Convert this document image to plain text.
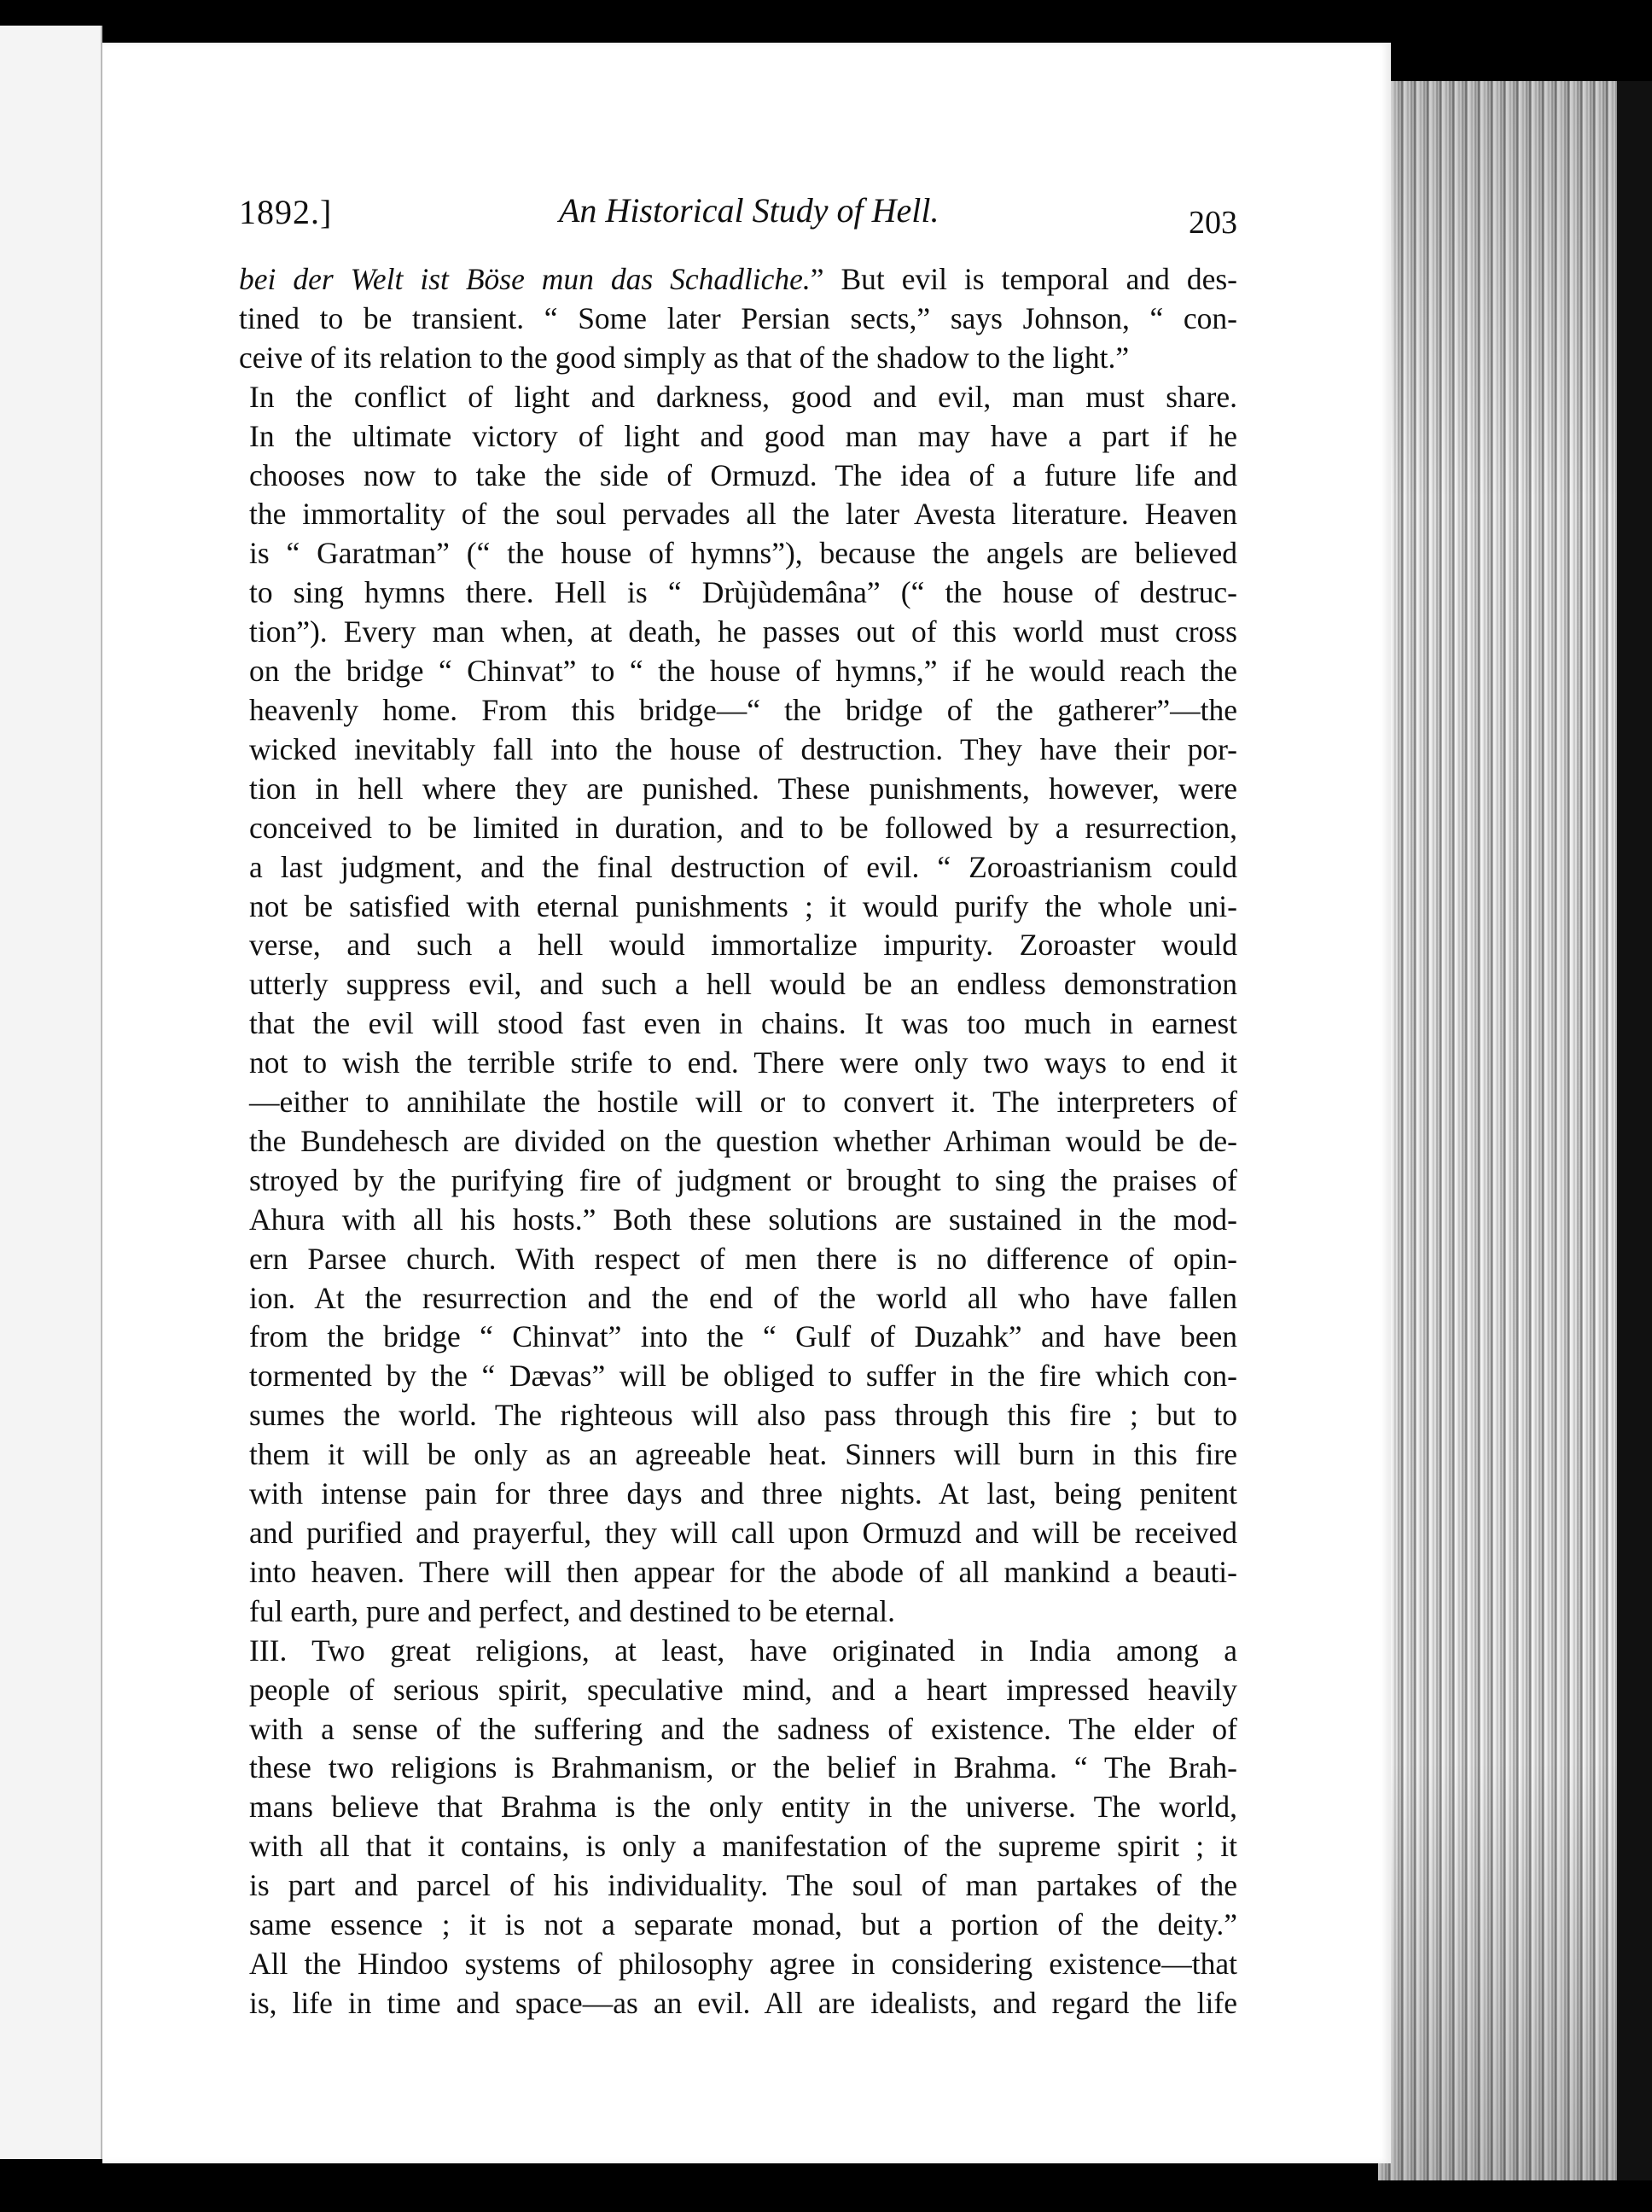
1892.]	An Historical Study of Hell.	203

bei der Welt ist Böse mun das Schadliche.” But evil is temporal and des-
tined to be transient. “ Some later Persian sects,” says Johnson, “ con-
ceive of its relation to the good simply as that of the shadow to the light.”

In the conflict of light and darkness, good and evil, man must share.
In the ultimate victory of light and good man may have a part if he
chooses now to take the side of Ormuzd. The idea of a future life and
the immortality of the soul pervades all the later Avesta literature. Heaven
is “ Garatman” (“ the house of hymns”), because the angels are believed
to sing hymns there. Hell is “ Drùjùdemâna” (“ the house of destruc-
tion”). Every man when, at death, he passes out of this world must cross
on the bridge “ Chinvat” to “ the house of hymns,” if he would reach the
heavenly home. From this bridge—“ the bridge of the gatherer”—the
wicked inevitably fall into the house of destruction. They have their por-
tion in hell where they are punished. These punishments, however, were
conceived to be limited in duration, and to be followed by a resurrection,
a last judgment, and the final destruction of evil. “ Zoroastrianism could
not be satisfied with eternal punishments ; it would purify the whole uni-
verse, and such a hell would immortalize impurity. Zoroaster would
utterly suppress evil, and such a hell would be an endless demonstration
that the evil will stood fast even in chains. It was too much in earnest
not to wish the terrible strife to end. There were only two ways to end it
—either to annihilate the hostile will or to convert it. The interpreters of
the Bundehesch are divided on the question whether Arhiman would be de-
stroyed by the purifying fire of judgment or brought to sing the praises of
Ahura with all his hosts.” Both these solutions are sustained in the mod-
ern Parsee church. With respect of men there is no difference of opin-
ion. At the resurrection and the end of the world all who have fallen
from the bridge “ Chinvat” into the “ Gulf of Duzahk” and have been
tormented by the “ Dævas” will be obliged to suffer in the fire which con-
sumes the world. The righteous will also pass through this fire ; but to
them it will be only as an agreeable heat. Sinners will burn in this fire
with intense pain for three days and three nights. At last, being penitent
and purified and prayerful, they will call upon Ormuzd and will be received
into heaven. There will then appear for the abode of all mankind a beauti-
ful earth, pure and perfect, and destined to be eternal.

III. Two great religions, at least, have originated in India among a
people of serious spirit, speculative mind, and a heart impressed heavily
with a sense of the suffering and the sadness of existence. The elder of
these two religions is Brahmanism, or the belief in Brahma. “ The Brah-
mans believe that Brahma is the only entity in the universe. The world,
with all that it contains, is only a manifestation of the supreme spirit ; it
is part and parcel of his individuality. The soul of man partakes of the
same essence ; it is not a separate monad, but a portion of the deity.”
All the Hindoo systems of philosophy agree in considering existence—that
is, life in time and space—as an evil. All are idealists, and regard the life
